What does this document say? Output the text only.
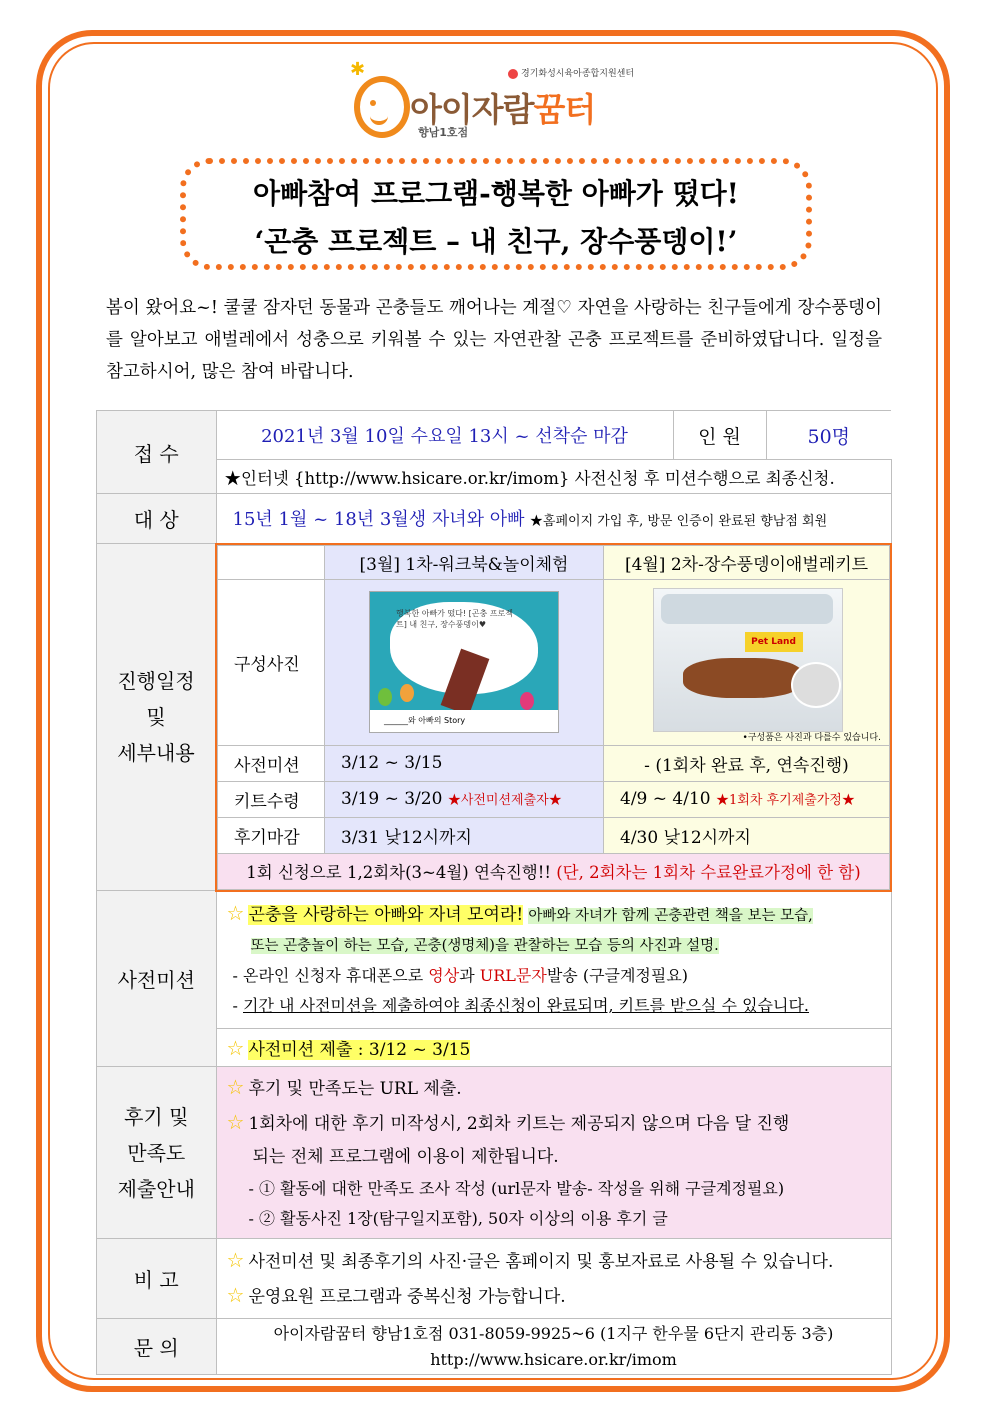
✱
아이자람꿈터
향남1호점
경기화성시육아종합지원센터
아빠참여 프로그램-행복한 아빠가 떴다!
‘곤충 프로젝트 – 내 친구, 장수풍뎅이!’
봄이 왔어요~! 쿨쿨 잠자던 동물과 곤충들도 깨어나는 계절♡ 자연을 사랑하는 친구들에게 장수풍뎅이를 알아보고 애벌레에서 성충으로 키워볼 수 있는 자연관찰 곤충 프로젝트를 준비하였답니다. 일정을 참고하시어, 많은 참여 바랍니다.
접 수	
2021년 3월 10일 수요일 13시 ~ 선착순 마감	인 원	50명

★인터넷 {http://www.hsicare.or.kr/imom} 사전신청 후 미션수행으로 최종신청.
대 상	15년 1월 ~ 18년 3월생 자녀와 아빠 ★홈페이지 가입 후, 방문 인증이 완료된 향남점 회원

진행일정
및
세부내용

	[3월] 1차-워크북&놀이체험	[4월] 2차-장수풍뎅이애벌레키트
구성사진	
행복한 아빠가 떴다! [곤충 프로젝트] 내 친구, 장수풍뎅이♥
______와 아빠의 Story

Pet Land
•구성품은 사진과 다를수 있습니다.

사전미션	3/12 ~ 3/15	- (1회차 완료 후, 연속진행)
키트수령	3/19 ~ 3/20 ★사전미션제출자★	4/9 ~ 4/10 ★1회차 후기제출가정★
후기마감	3/31 낮12시까지	4/30 낮12시까지
1회 신청으로 1,2회차(3~4월) 연속진행!! (단, 2회차는 1회차 수료완료가정에 한 함)

사전미션	
☆ 곤충을 사랑하는 아빠와 자녀 모여라! 아빠와 자녀가 함께 곤충관련 책을 보는 모습,
또는 곤충놀이 하는 모습, 곤충(생명체)을 관찰하는 모습 등의 사진과 설명.
- 온라인 신청자 휴대폰으로 영상과 URL문자발송 (구글계정필요)
- 기간 내 사전미션을 제출하여야 최종신청이 완료되며, 키트를 받으실 수 있습니다.

☆ 사전미션 제출 : 3/12 ~ 3/15

후기 및
만족도
제출안내

☆ 후기 및 만족도는 URL 제출.
☆ 1회차에 대한 후기 미작성시, 2회차 키트는 제공되지 않으며 다음 달 진행
되는 전체 프로그램에 이용이 제한됩니다.
- ① 활동에 대한 만족도 조사 작성 (url문자 발송- 작성을 위해 구글계정필요)
- ② 활동사진 1장(탐구일지포함), 50자 이상의 이용 후기 글

비 고	
☆ 사전미션 및 최종후기의 사진·글은 홈페이지 및 홍보자료로 사용될 수 있습니다.
☆ 운영요원 프로그램과 중복신청 가능합니다.

문 의	
아이자람꿈터 향남1호점 031-8059-9925~6 (1지구 한우물 6단지 관리동 3층)
http://www.hsicare.or.kr/imom
